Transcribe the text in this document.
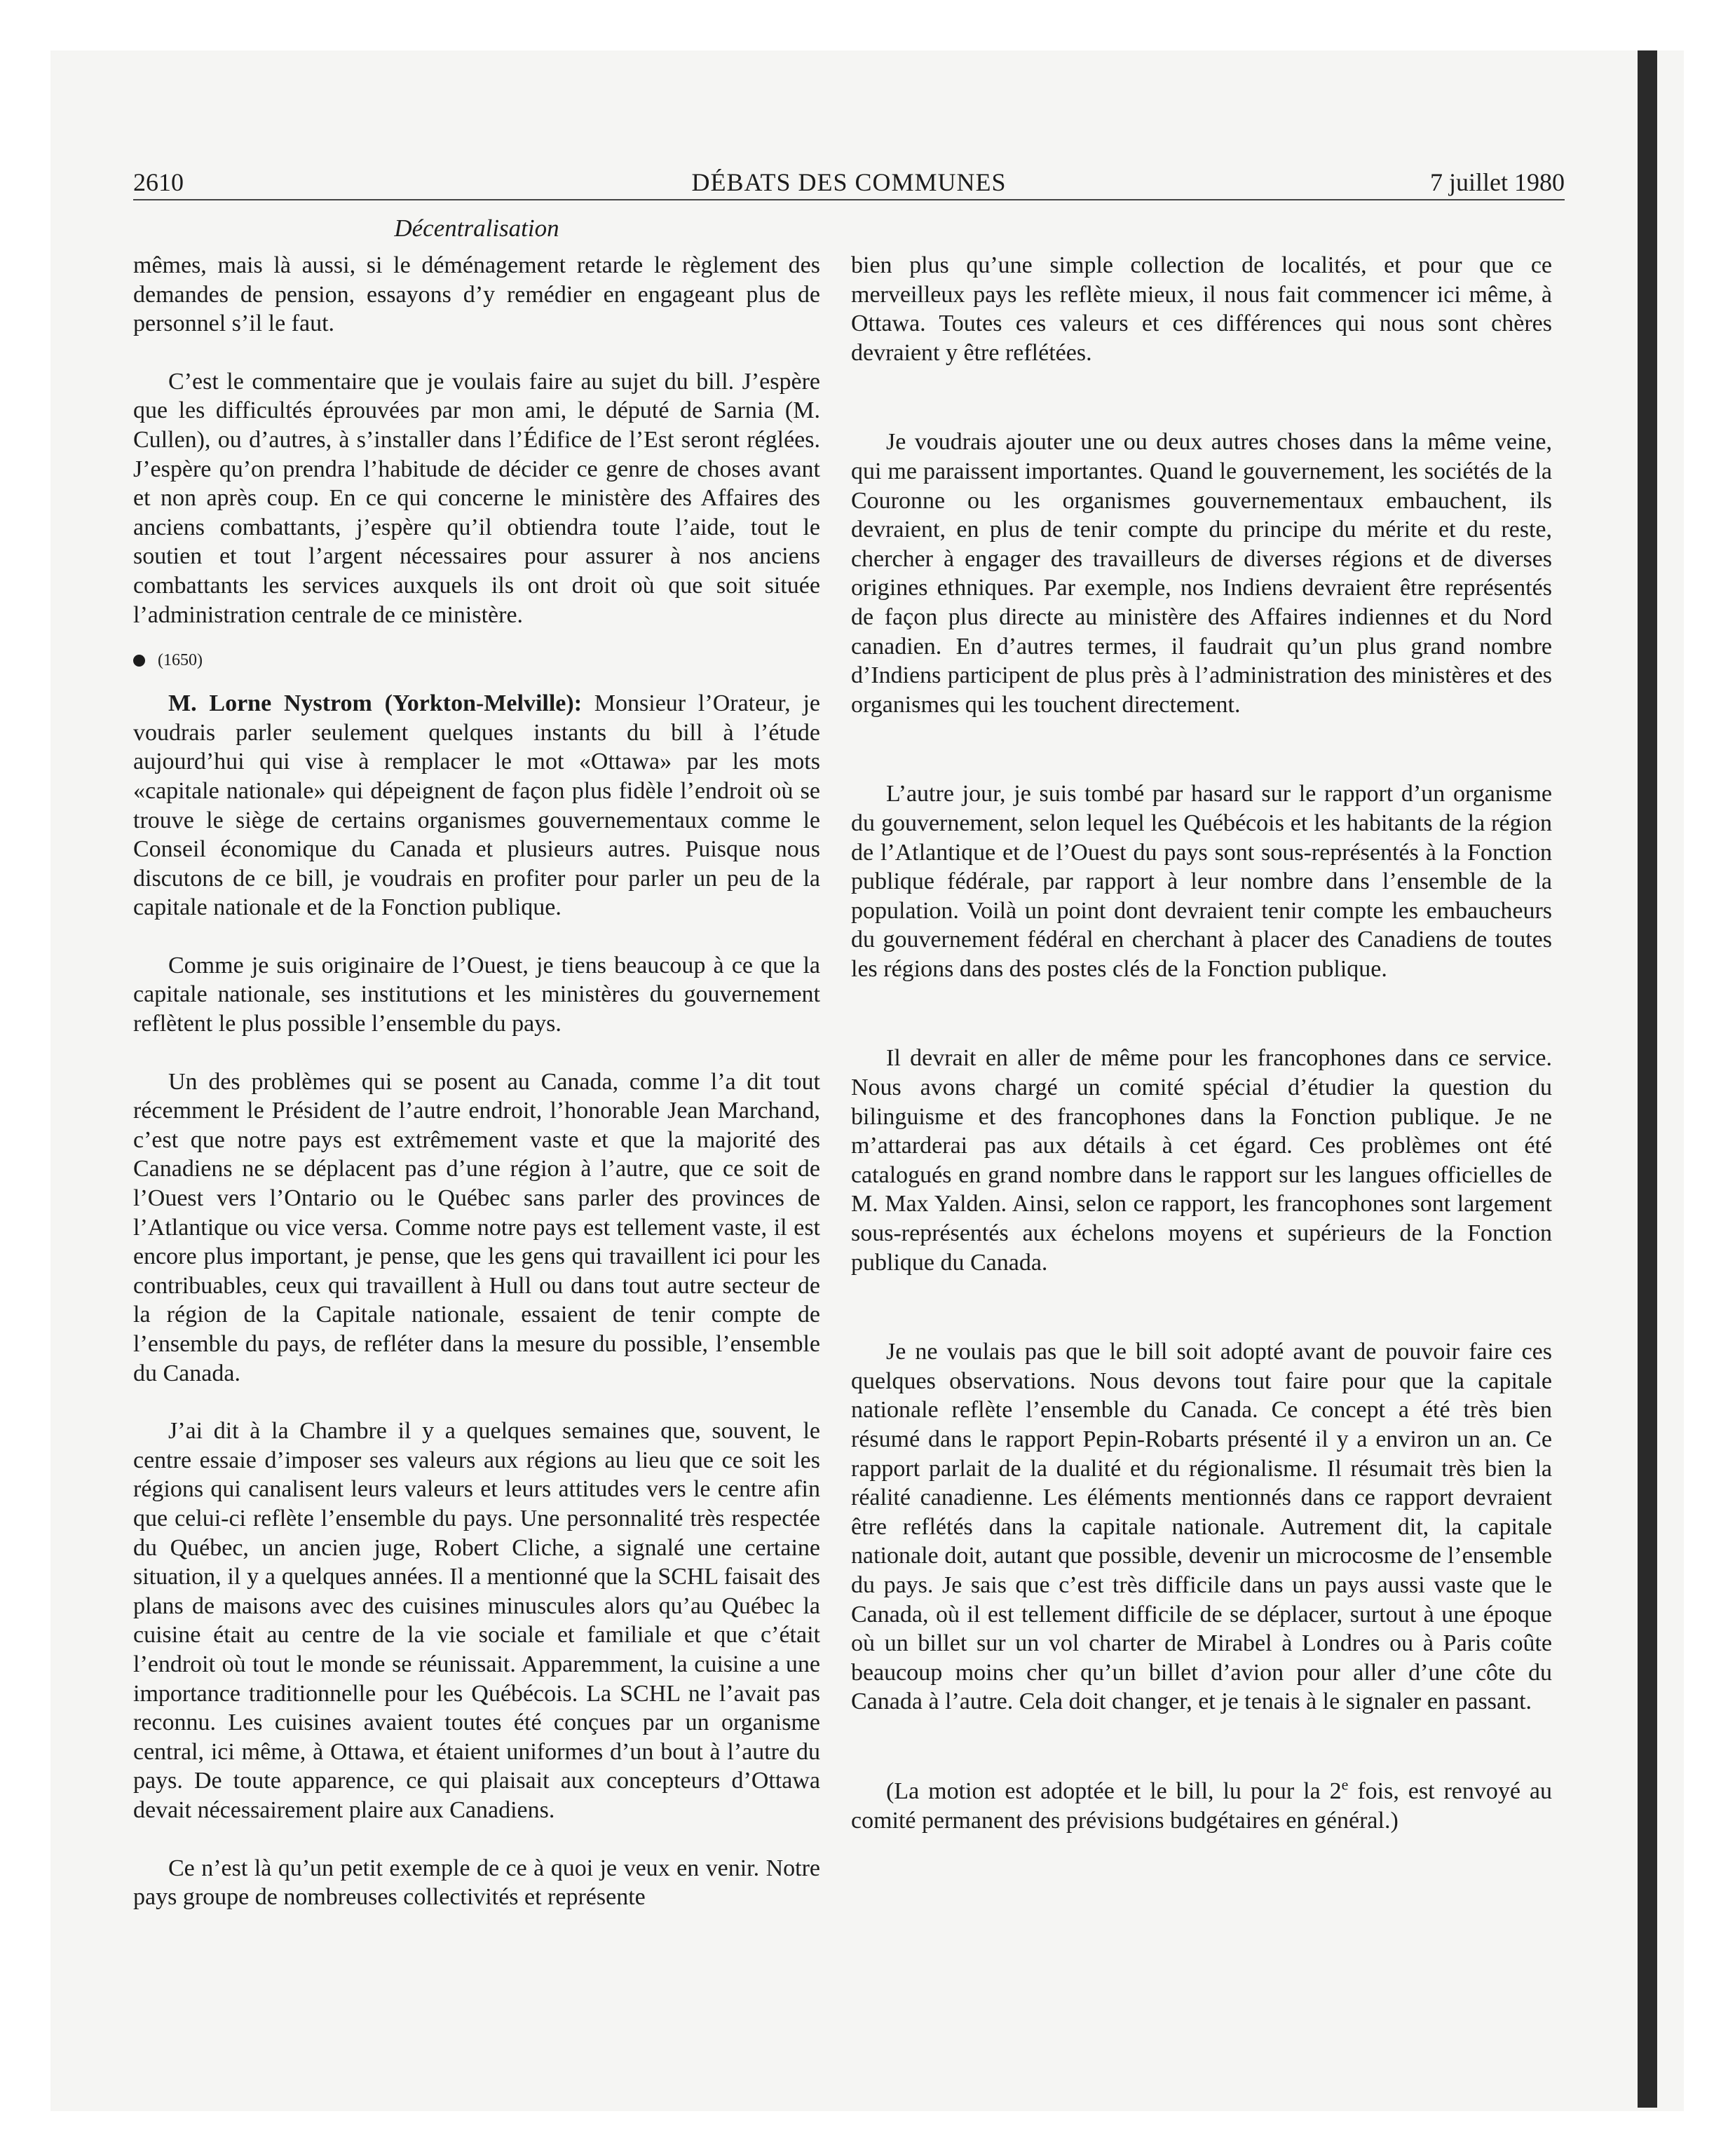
2610	DÉBATS DES COMMUNES	7 juillet 1980
Décentralisation

mêmes, mais là aussi, si le déménagement retarde le règlement des demandes de pension, essayons d’y remédier en engageant plus de personnel s’il le faut.

C’est le commentaire que je voulais faire au sujet du bill. J’espère que les difficultés éprouvées par mon ami, le député de Sarnia (M. Cullen), ou d’autres, à s’installer dans l’Édifice de l’Est seront réglées. J’espère qu’on prendra l’habitude de décider ce genre de choses avant et non après coup. En ce qui concerne le ministère des Affaires des anciens combattants, j’espère qu’il obtiendra toute l’aide, tout le soutien et tout l’argent nécessaires pour assurer à nos anciens combattants les services auxquels ils ont droit où que soit située l’administration centrale de ce ministère.

(1650)

M. Lorne Nystrom (Yorkton-Melville): Monsieur l’Orateur, je voudrais parler seulement quelques instants du bill à l’étude aujourd’hui qui vise à remplacer le mot «Ottawa» par les mots «capitale nationale» qui dépeignent de façon plus fidèle l’endroit où se trouve le siège de certains organismes gouvernementaux comme le Conseil économique du Canada et plusieurs autres. Puisque nous discutons de ce bill, je voudrais en profiter pour parler un peu de la capitale nationale et de la Fonction publique.

Comme je suis originaire de l’Ouest, je tiens beaucoup à ce que la capitale nationale, ses institutions et les ministères du gouvernement reflètent le plus possible l’ensemble du pays.

Un des problèmes qui se posent au Canada, comme l’a dit tout récemment le Président de l’autre endroit, l’honorable Jean Marchand, c’est que notre pays est extrêmement vaste et que la majorité des Canadiens ne se déplacent pas d’une région à l’autre, que ce soit de l’Ouest vers l’Ontario ou le Québec sans parler des provinces de l’Atlantique ou vice versa. Comme notre pays est tellement vaste, il est encore plus important, je pense, que les gens qui travaillent ici pour les contribuables, ceux qui travaillent à Hull ou dans tout autre secteur de la région de la Capitale nationale, essaient de tenir compte de l’ensemble du pays, de refléter dans la mesure du possible, l’ensemble du Canada.

J’ai dit à la Chambre il y a quelques semaines que, souvent, le centre essaie d’imposer ses valeurs aux régions au lieu que ce soit les régions qui canalisent leurs valeurs et leurs attitudes vers le centre afin que celui-ci reflète l’ensemble du pays. Une personnalité très respectée du Québec, un ancien juge, Robert Cliche, a signalé une certaine situation, il y a quelques années. Il a mentionné que la SCHL faisait des plans de maisons avec des cuisines minuscules alors qu’au Québec la cuisine était au centre de la vie sociale et familiale et que c’était l’endroit où tout le monde se réunissait. Apparemment, la cuisine a une importance traditionnelle pour les Québécois. La SCHL ne l’avait pas reconnu. Les cuisines avaient toutes été conçues par un organisme central, ici même, à Ottawa, et étaient uniformes d’un bout à l’autre du pays. De toute apparence, ce qui plaisait aux concepteurs d’Ottawa devait nécessairement plaire aux Canadiens.

Ce n’est là qu’un petit exemple de ce à quoi je veux en venir. Notre pays groupe de nombreuses collectivités et représente

bien plus qu’une simple collection de localités, et pour que ce merveilleux pays les reflète mieux, il nous fait commencer ici même, à Ottawa. Toutes ces valeurs et ces différences qui nous sont chères devraient y être reflétées.

Je voudrais ajouter une ou deux autres choses dans la même veine, qui me paraissent importantes. Quand le gouvernement, les sociétés de la Couronne ou les organismes gouvernementaux embauchent, ils devraient, en plus de tenir compte du principe du mérite et du reste, chercher à engager des travailleurs de diverses régions et de diverses origines ethniques. Par exemple, nos Indiens devraient être représentés de façon plus directe au ministère des Affaires indiennes et du Nord canadien. En d’autres termes, il faudrait qu’un plus grand nombre d’Indiens participent de plus près à l’administration des ministères et des organismes qui les touchent directement.

L’autre jour, je suis tombé par hasard sur le rapport d’un organisme du gouvernement, selon lequel les Québécois et les habitants de la région de l’Atlantique et de l’Ouest du pays sont sous-représentés à la Fonction publique fédérale, par rapport à leur nombre dans l’ensemble de la population. Voilà un point dont devraient tenir compte les embaucheurs du gouvernement fédéral en cherchant à placer des Canadiens de toutes les régions dans des postes clés de la Fonction publique.

Il devrait en aller de même pour les francophones dans ce service. Nous avons chargé un comité spécial d’étudier la question du bilinguisme et des francophones dans la Fonction publique. Je ne m’attarderai pas aux détails à cet égard. Ces problèmes ont été catalogués en grand nombre dans le rapport sur les langues officielles de M. Max Yalden. Ainsi, selon ce rapport, les francophones sont largement sous-représentés aux échelons moyens et supérieurs de la Fonction publique du Canada.

Je ne voulais pas que le bill soit adopté avant de pouvoir faire ces quelques observations. Nous devons tout faire pour que la capitale nationale reflète l’ensemble du Canada. Ce concept a été très bien résumé dans le rapport Pepin-Robarts présenté il y a environ un an. Ce rapport parlait de la dualité et du régionalisme. Il résumait très bien la réalité canadienne. Les éléments mentionnés dans ce rapport devraient être reflétés dans la capitale nationale. Autrement dit, la capitale nationale doit, autant que possible, devenir un microcosme de l’ensemble du pays. Je sais que c’est très difficile dans un pays aussi vaste que le Canada, où il est tellement difficile de se déplacer, surtout à une époque où un billet sur un vol charter de Mirabel à Londres ou à Paris coûte beaucoup moins cher qu’un billet d’avion pour aller d’une côte du Canada à l’autre. Cela doit changer, et je tenais à le signaler en passant.

(La motion est adoptée et le bill, lu pour la 2e fois, est renvoyé au comité permanent des prévisions budgétaires en général.)
